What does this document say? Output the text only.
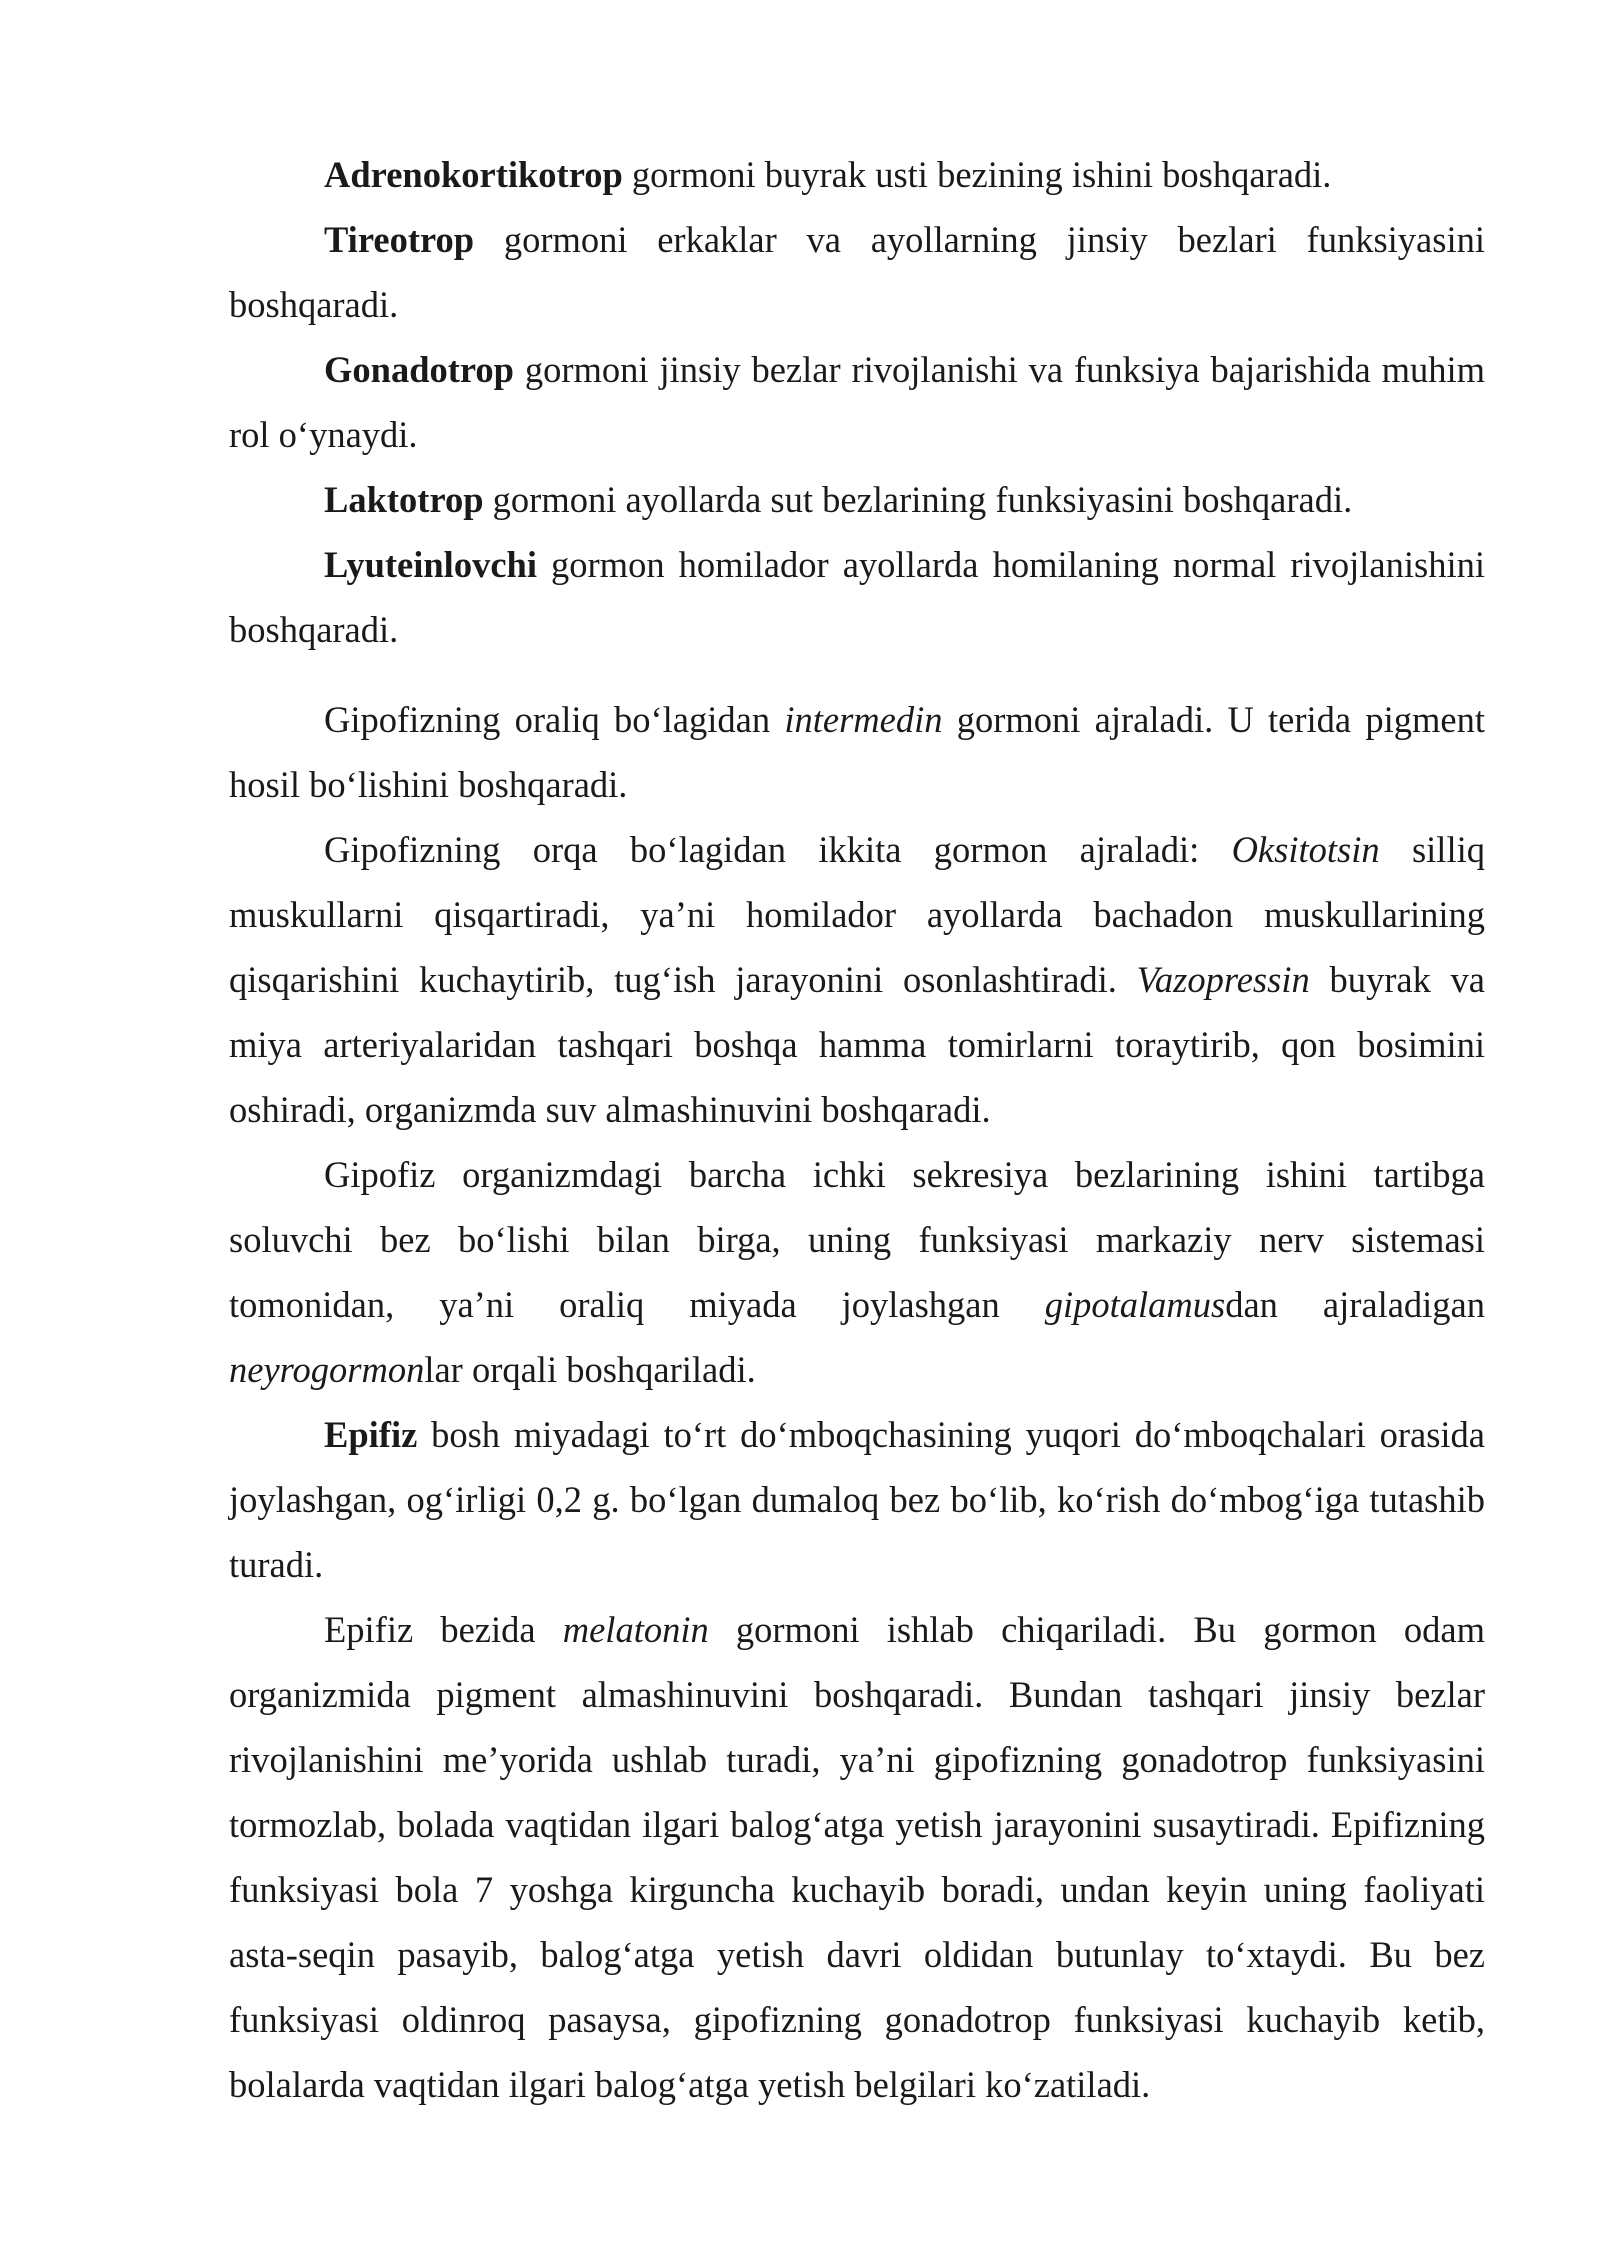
Adrenokortikotrop gormoni buyrak usti bezining ishini boshqaradi.

Tireotrop gormoni erkaklar va ayollarning jinsiy bezlari funksiyasini boshqaradi.

Gonadotrop gormoni jinsiy bezlar rivojlanishi va funksiya bajarishida muhim rol o‘ynaydi.

Laktotrop gormoni ayollarda sut bezlarining funksiyasini boshqaradi.

Lyuteinlovchi gormon homilador ayollarda homilaning normal rivojlanishini boshqaradi.

Gipofizning oraliq bo‘lagidan intermedin gormoni ajraladi. U terida pigment hosil bo‘lishini boshqaradi.

Gipofizning orqa bo‘lagidan ikkita gormon ajraladi: Oksitotsin silliq muskullarni qisqartiradi, ya’ni homilador ayollarda bachadon muskullarining qisqarishini kuchaytirib, tug‘ish jarayonini osonlashtiradi. Vazopressin buyrak va miya arteriyalaridan tashqari boshqa hamma tomirlarni toraytirib, qon bosimini oshiradi, organizmda suv almashinuvini boshqaradi.

Gipofiz organizmdagi barcha ichki sekresiya bezlarining ishini tartibga soluvchi bez bo‘lishi bilan birga, uning funksiyasi markaziy nerv sistemasi tomonidan, ya’ni oraliq miyada joylashgan gipotalamusdan ajraladigan neyrogormonlar orqali boshqariladi.

Epifiz bosh miyadagi to‘rt do‘mboqchasining yuqori do‘mboqchalari orasida joylashgan, og‘irligi 0,2 g. bo‘lgan dumaloq bez bo‘lib, ko‘rish do‘mbog‘iga tutashib turadi.

Epifiz bezida melatonin gormoni ishlab chiqariladi. Bu gormon odam organizmida pigment almashinuvini boshqaradi. Bundan tashqari jinsiy bezlar rivojlanishini me’yorida ushlab turadi, ya’ni gipofizning gonadotrop funksiyasini tormozlab, bolada vaqtidan ilgari balog‘atga yetish jarayonini susaytiradi. Epifizning funksiyasi bola 7 yoshga kirguncha kuchayib boradi, undan keyin uning faoliyati asta-seqin pasayib, balog‘atga yetish davri oldidan butunlay to‘xtaydi. Bu bez funksiyasi oldinroq pasaysa, gipofizning gonadotrop funksiyasi kuchayib ketib, bolalarda vaqtidan ilgari balog‘atga yetish belgilari ko‘zatiladi.
